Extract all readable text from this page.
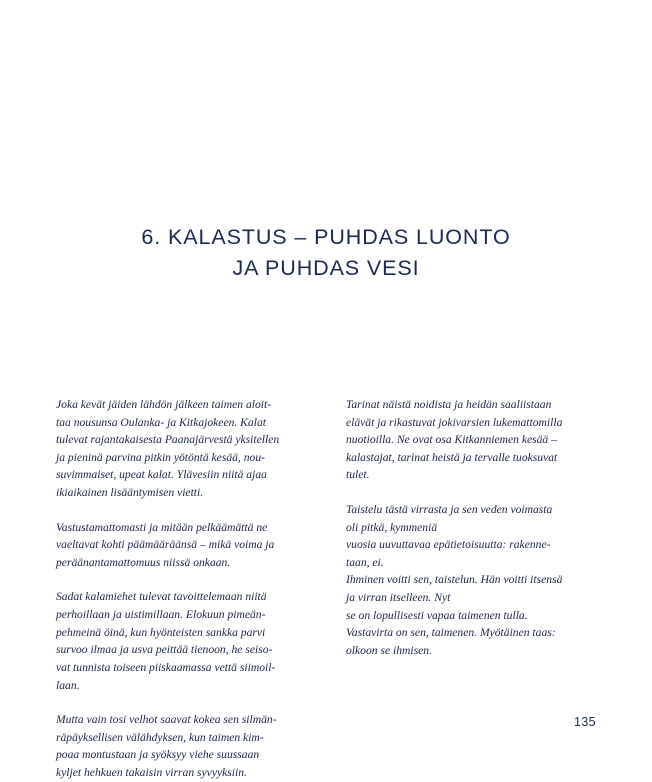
6. KALASTUS – PUHDAS LUONTO
JA PUHDAS VESI

Joka kevät jäiden lähdön jälkeen taimen aloit-
taa nousunsa Oulanka- ja Kitkajokeen. Kalat
tulevat rajantakaisesta Paanajärvestä yksitellen
ja pieninä parvina pitkin yötöntä kesää, nou-
suvimmaiset, upeat kalat. Ylävesiin niitä ajaa
ikiaikainen lisääntymisen vietti.

Vastustamattomasti ja mitään pelkäämättä ne
vaeltavat kohti päämääräänsä – mikä voima ja
peräänantamattomuus niissä onkaan.

Sadat kalamiehet tulevat tavoittelemaan niitä
perhoillaan ja uistimillaan. Elokuun pimeän-
pehmeinä öinä, kun hyönteisten sankka parvi
survoo ilmaa ja usva peittää tienoon, he seiso-
vat tunnista toiseen piiskaamassa vettä siimoil-
laan.

Mutta vain tosi velhot saavat kokea sen silmän-
räpäyksellisen välähdyksen, kun taimen kim-
poaa montustaan ja syöksyy viehe suussaan
kyljet hehkuen takaisin virran syvyyksiin.

Tarinat näistä noidista ja heidän saaliistaan
elävät ja rikastuvat jokivarsien lukemattomilla
nuotioilla. Ne ovat osa Kitkanniemen kesää –
kalastajat, tarinat heistä ja tervalle tuoksuvat
tulet.

Taistelu tästä virrasta ja sen veden voimasta
oli pitkä, kymmeniä
vuosia uuvuttavaa epätietoisuutta: rakenne-
taan, ei.
Ihminen voitti sen, taistelun. Hän voitti itsensä
ja virran itselleen. Nyt
se on lopullisesti vapaa taimenen tulla.
Vastavirta on sen, taimenen. Myötäinen taas:
olkoon se ihmisen.

135
